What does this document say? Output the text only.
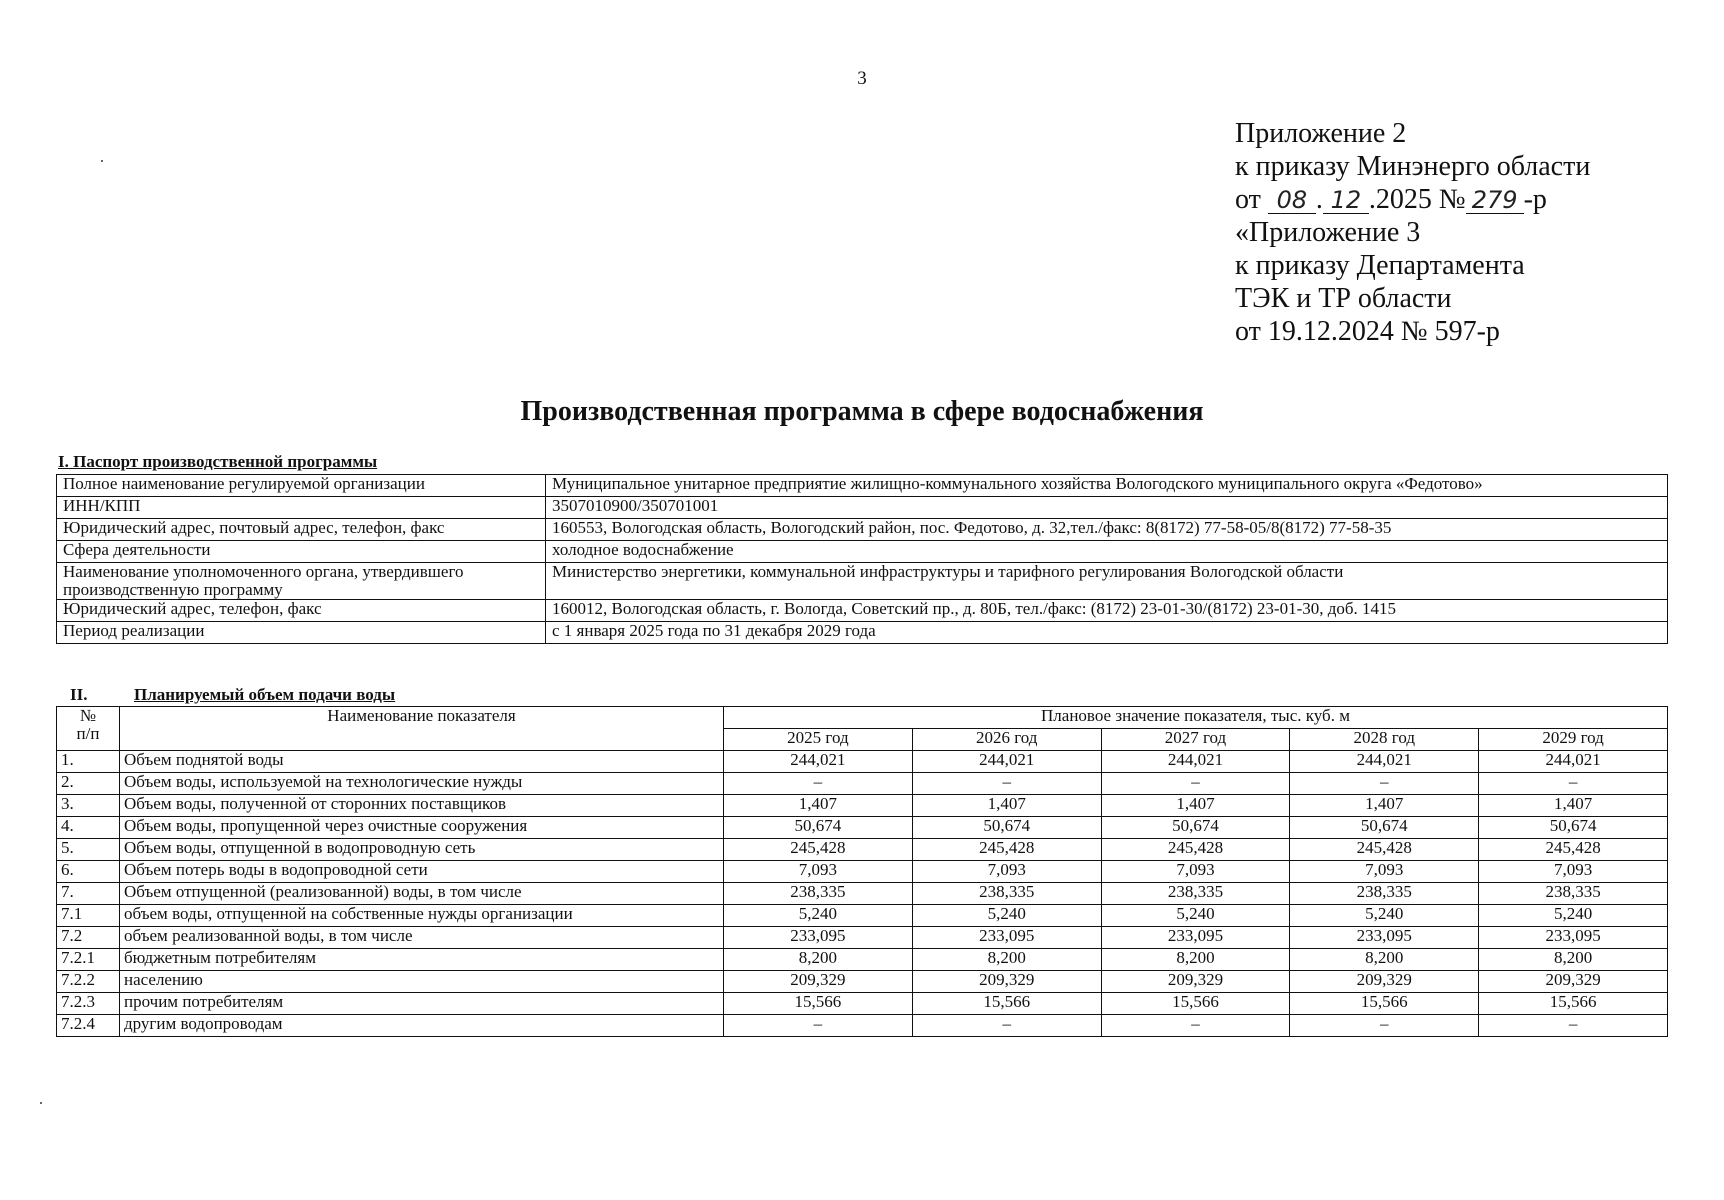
3
Приложение 2
к приказу Минэнерго области
от 08 . 12 .2025 № 279 -р
«Приложение 3
к приказу Департамента
ТЭК и ТР области
от 19.12.2024 № 597-р
Производственная программа в сфере водоснабжения
I. Паспорт производственной программы
Полное наименование регулируемой организации	Муниципальное унитарное предприятие жилищно-коммунального хозяйства Вологодского муниципального округа «Федотово»
ИНН/КПП	3507010900/350701001
Юридический адрес, почтовый адрес, телефон, факс	160553, Вологодская область, Вологодский район, пос. Федотово, д. 32,тел./факс: 8(8172) 77-58-05/8(8172) 77-58-35
Сфера деятельности	холодное водоснабжение
Наименование уполномоченного органа, утвердившего производственную программу	Министерство энергетики, коммунальной инфраструктуры и тарифного регулирования Вологодской области
Юридический адрес, телефон, факс	160012, Вологодская область, г. Вологда, Советский пр., д. 80Б, тел./факс: (8172) 23-01-30/(8172) 23-01-30, доб. 1415
Период реализации	с 1 января 2025 года по 31 декабря 2029 года
II.	Планируемый объем подачи воды
№
п/п	Наименование показателя	Плановое значение показателя, тыс. куб. м				
		2025 год	2026 год	2027 год	2028 год	2029 год
1.	Объем поднятой воды	244,021	244,021	244,021	244,021	244,021
2.	Объем воды, используемой на технологические нужды	–	–	–	–	–
3.	Объем воды, полученной от сторонних поставщиков	1,407	1,407	1,407	1,407	1,407
4.	Объем воды, пропущенной через очистные сооружения	50,674	50,674	50,674	50,674	50,674
5.	Объем воды, отпущенной в водопроводную сеть	245,428	245,428	245,428	245,428	245,428
6.	Объем потерь воды в водопроводной сети	7,093	7,093	7,093	7,093	7,093
7.	Объем отпущенной (реализованной) воды, в том числе	238,335	238,335	238,335	238,335	238,335
7.1	объем воды, отпущенной на собственные нужды организации	5,240	5,240	5,240	5,240	5,240
7.2	объем реализованной воды, в том числе	233,095	233,095	233,095	233,095	233,095
7.2.1	бюджетным потребителям	8,200	8,200	8,200	8,200	8,200
7.2.2	населению	209,329	209,329	209,329	209,329	209,329
7.2.3	прочим потребителям	15,566	15,566	15,566	15,566	15,566
7.2.4	другим водопроводам	–	–	–	–	–
